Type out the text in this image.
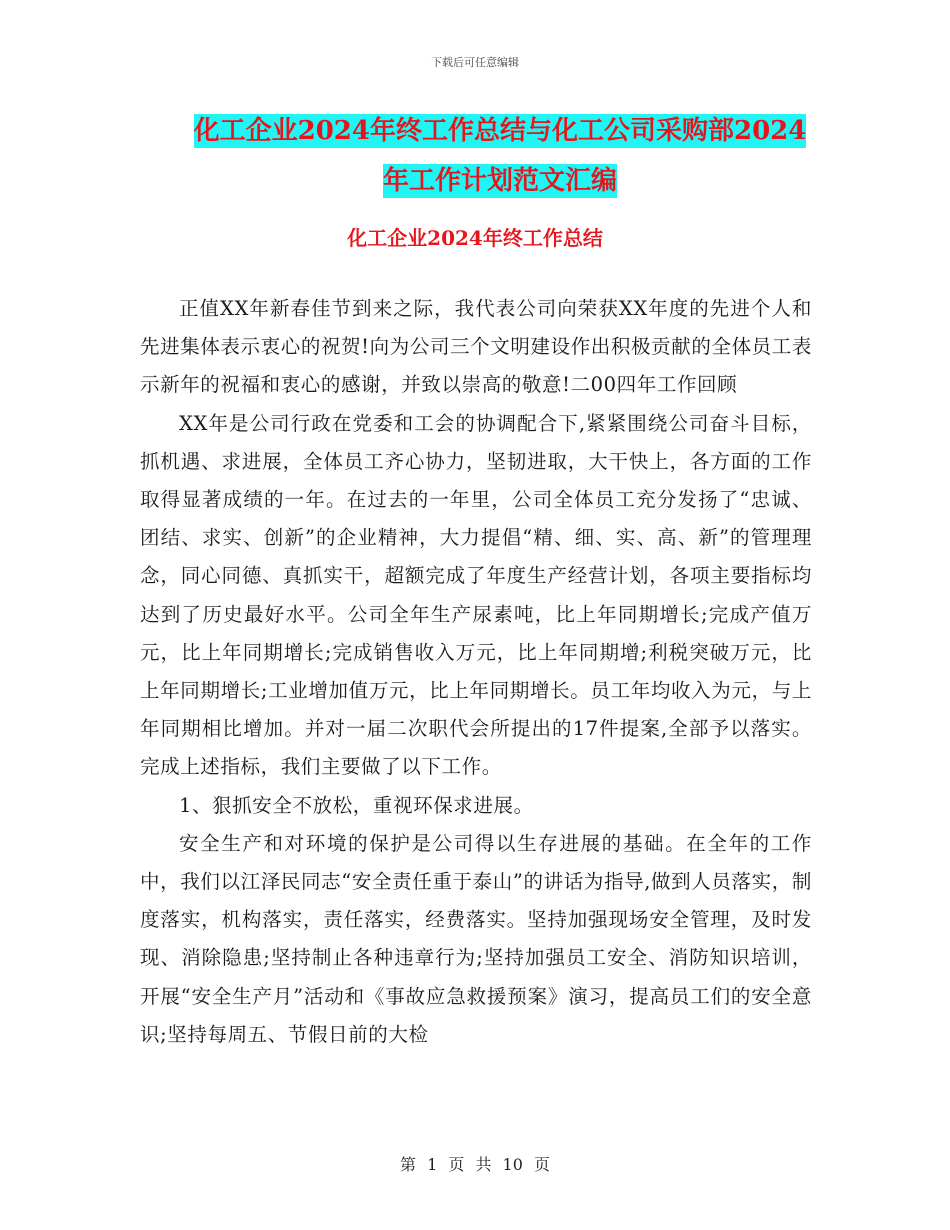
下载后可任意编辑
化工企业2024年终工作总结与化工公司采购部2024
年工作计划范文汇编
化工企业2024年终工作总结

正值XX年新春佳节到来之际，我代表公司向荣获XX年度的先进个人和先进集体表示衷心的祝贺!向为公司三个文明建设作出积极贡献的全体员工表示新年的祝福和衷心的感谢，并致以崇高的敬意!二00四年工作回顾

XX年是公司行政在党委和工会的协调配合下,紧紧围绕公司奋斗目标，抓机遇、求进展，全体员工齐心协力，坚韧进取，大干快上，各方面的工作取得显著成绩的一年。在过去的一年里，公司全体员工充分发扬了“忠诚、团结、求实、创新”的企业精神，大力提倡“精、细、实、高、新”的管理理念，同心同德、真抓实干，超额完成了年度生产经营计划，各项主要指标均达到了历史最好水平。公司全年生产尿素吨，比上年同期增长;完成产值万元，比上年同期增长;完成销售收入万元，比上年同期增;利税突破万元，比上年同期增长;工业增加值万元，比上年同期增长。员工年均收入为元，与上年同期相比增加。并对一届二次职代会所提出的17件提案,全部予以落实。完成上述指标，我们主要做了以下工作。

1、狠抓安全不放松，重视环保求进展。

安全生产和对环境的保护是公司得以生存进展的基础。在全年的工作中，我们以江泽民同志“安全责任重于泰山”的讲话为指导,做到人员落实，制度落实，机构落实，责任落实，经费落实。坚持加强现场安全管理，及时发现、消除隐患;坚持制止各种违章行为;坚持加强员工安全、消防知识培训，开展“安全生产月”活动和《事故应急救援预案》演习，提高员工们的安全意识;坚持每周五、节假日前的大检

第 1 页 共 10 页
